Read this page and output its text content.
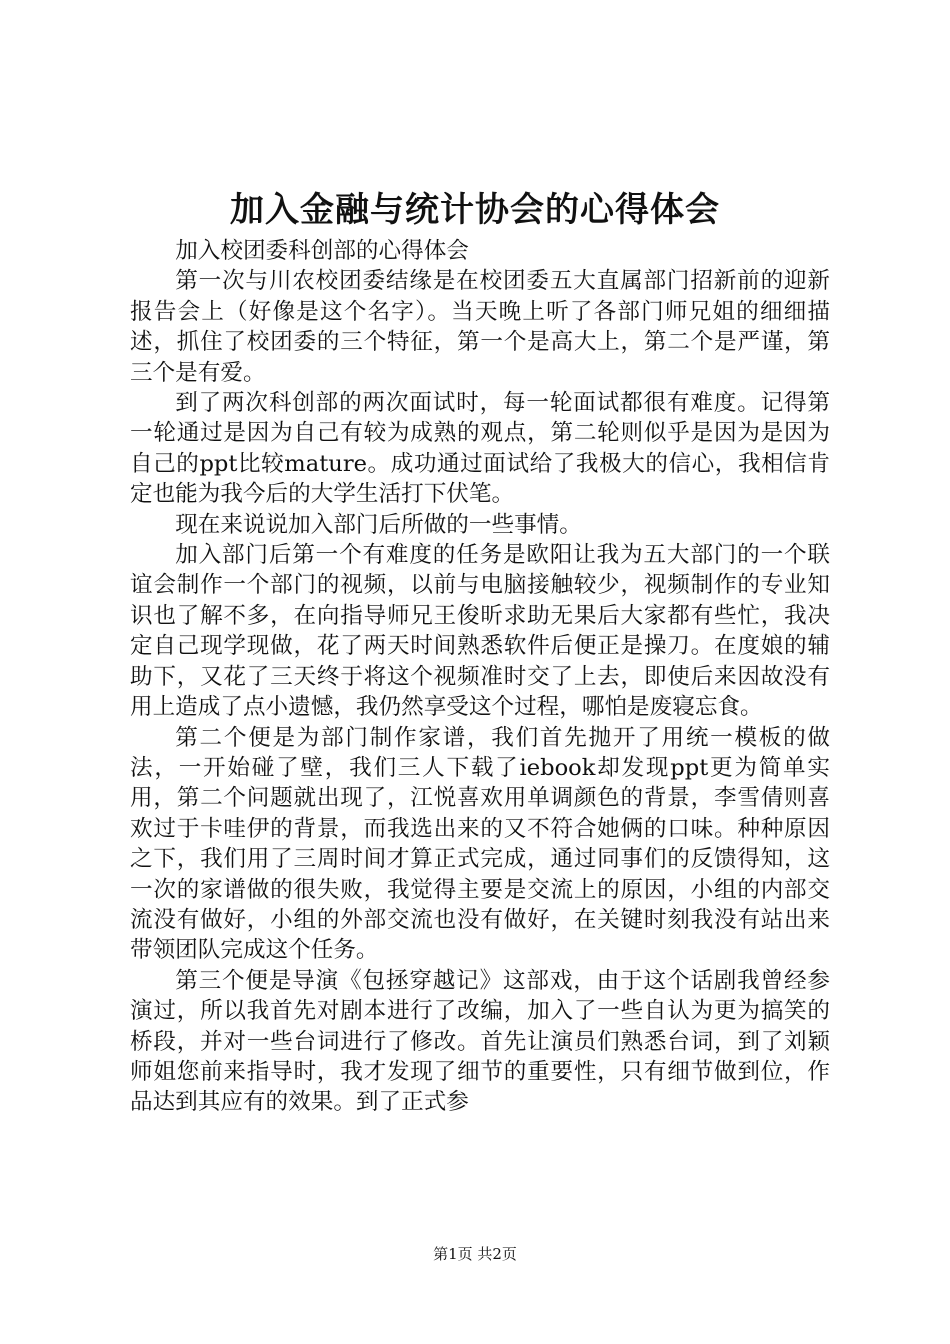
加入金融与统计协会的心得体会

加入校团委科创部的心得体会

第一次与川农校团委结缘是在校团委五大直属部门招新前的迎新报告会上（好像是这个名字）。当天晚上听了各部门师兄姐的细细描述，抓住了校团委的三个特征，第一个是高大上，第二个是严谨，第三个是有爱。

到了两次科创部的两次面试时，每一轮面试都很有难度。记得第一轮通过是因为自己有较为成熟的观点，第二轮则似乎是因为是因为自己的ppt比较mature。成功通过面试给了我极大的信心，我相信肯定也能为我今后的大学生活打下伏笔。

现在来说说加入部门后所做的一些事情。

加入部门后第一个有难度的任务是欧阳让我为五大部门的一个联谊会制作一个部门的视频，以前与电脑接触较少，视频制作的专业知识也了解不多，在向指导师兄王俊昕求助无果后大家都有些忙，我决定自己现学现做，花了两天时间熟悉软件后便正是操刀。在度娘的辅助下，又花了三天终于将这个视频准时交了上去，即使后来因故没有用上造成了点小遗憾，我仍然享受这个过程，哪怕是废寝忘食。

第二个便是为部门制作家谱，我们首先抛开了用统一模板的做法，一开始碰了壁，我们三人下载了iebook却发现ppt更为简单实用，第二个问题就出现了，江悦喜欢用单调颜色的背景，李雪倩则喜欢过于卡哇伊的背景，而我选出来的又不符合她俩的口味。种种原因之下，我们用了三周时间才算正式完成，通过同事们的反馈得知，这一次的家谱做的很失败，我觉得主要是交流上的原因，小组的内部交流没有做好，小组的外部交流也没有做好，在关键时刻我没有站出来带领团队完成这个任务。

第三个便是导演《包拯穿越记》这部戏，由于这个话剧我曾经参演过，所以我首先对剧本进行了改编，加入了一些自认为更为搞笑的桥段，并对一些台词进行了修改。首先让演员们熟悉台词，到了刘颖师姐您前来指导时，我才发现了细节的重要性，只有细节做到位，作品达到其应有的效果。到了正式参

第1页 共2页
